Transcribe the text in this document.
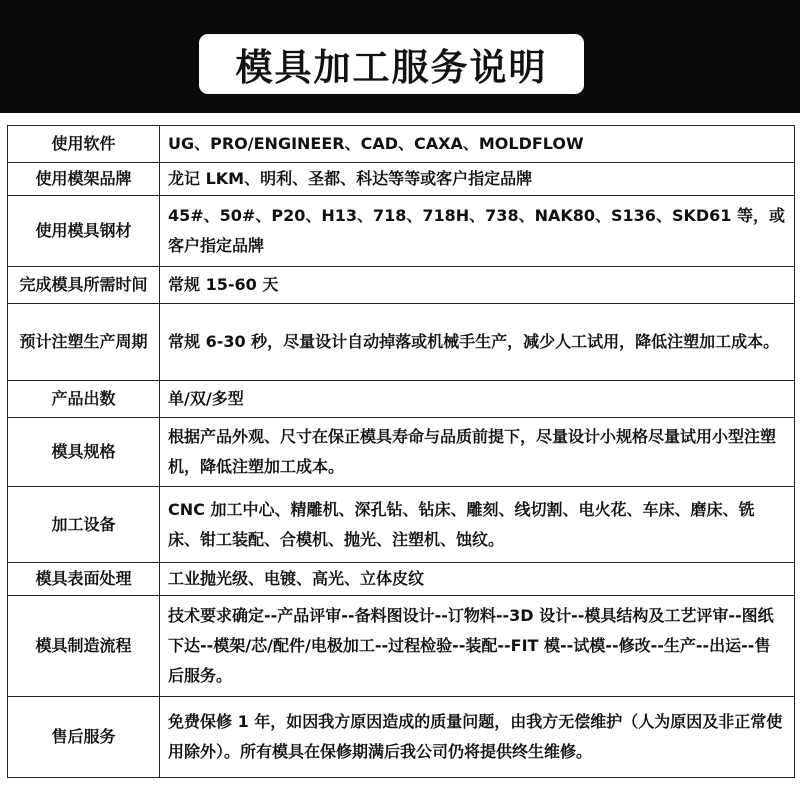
模具加工服务说明
使用软件	UG、PRO/ENGINEER、CAD、CAXA、MOLDFLOW
使用模架品牌	龙记 LKM、明利、圣都、科达等等或客户指定品牌
使用模具钢材	45#、50#、P20、H13、718、718H、738、NAK80、S136、SKD61 等，或客户指定品牌
完成模具所需时间	常规 15-60 天
预计注塑生产周期	常规 6-30 秒，尽量设计自动掉落或机械手生产，减少人工试用，降低注塑加工成本。
产品出数	单/双/多型
模具规格	根据产品外观、尺寸在保正模具寿命与品质前提下，尽量设计小规格尽量试用小型注塑机，降低注塑加工成本。
加工设备	CNC 加工中心、精雕机、深孔钻、钻床、雕刻、线切割、电火花、车床、磨床、铣床、钳工装配、合模机、抛光、注塑机、蚀纹。
模具表面处理	工业抛光级、电镀、高光、立体皮纹
模具制造流程	技术要求确定--产品评审--备料图设计--订物料--3D 设计--模具结构及工艺评审--图纸下达--模架/芯/配件/电极加工--过程检验--装配--FIT 模--试模--修改--生产--出运--售后服务。
售后服务	免费保修 1 年，如因我方原因造成的质量问题，由我方无偿维护（人为原因及非正常使用除外）。所有模具在保修期满后我公司仍将提供终生维修。
